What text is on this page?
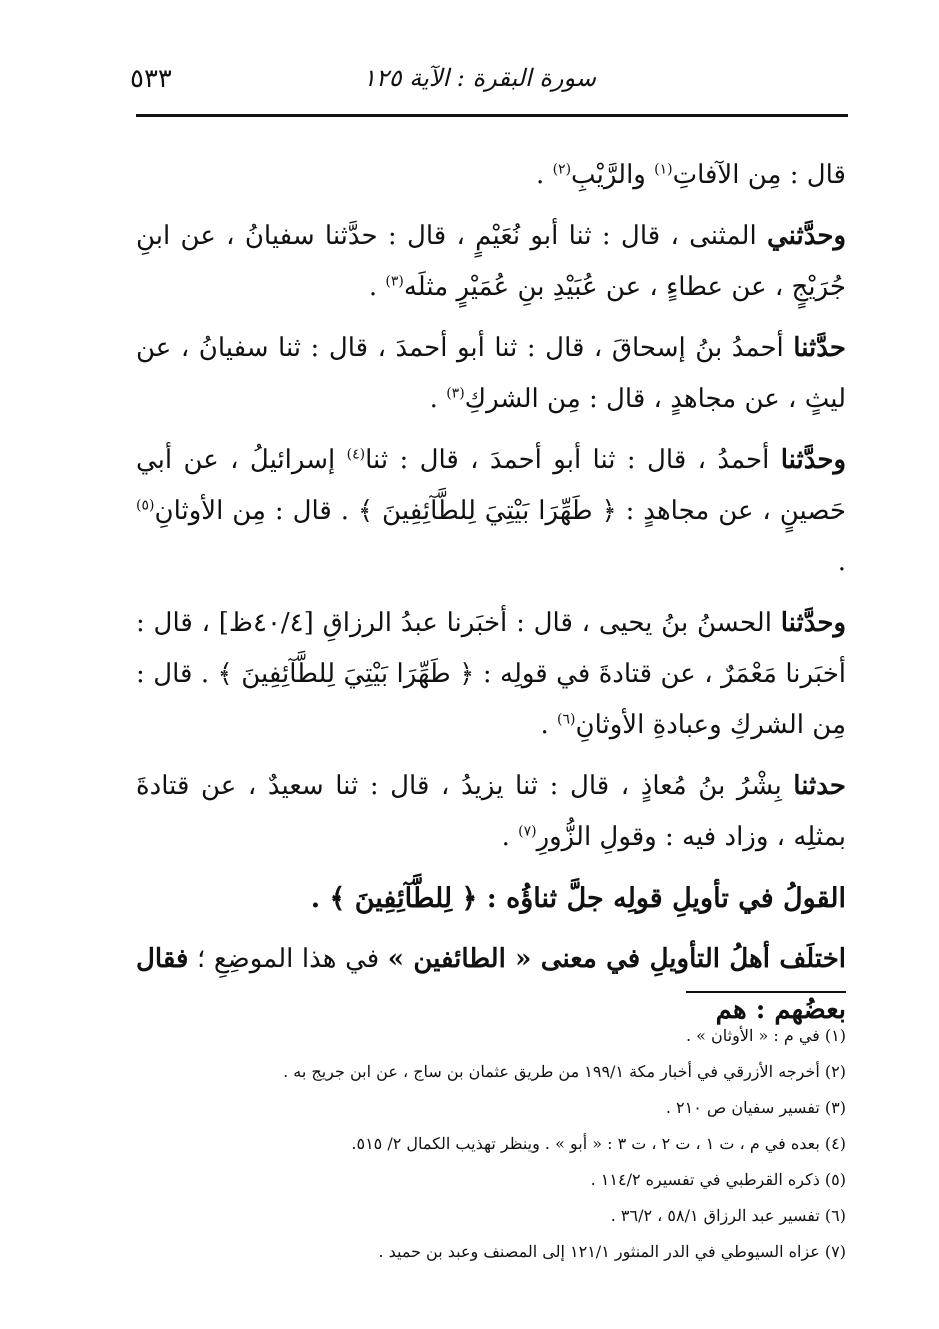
سورة البقرة : الآية ١٢٥
٥٣٣

قال : مِن الآفاتِ$^{(١)}$ والرَّيْبِ$^{(٢)}$ .

وحدَّثني المثنى ، قال : ثنا أبو نُعَيْمٍ ، قال : حدَّثنا سفيانُ ، عن ابنِ جُرَيْجٍ ، عن عطاءٍ ، عن عُبَيْدِ بنِ عُمَيْرٍ مثلَه$^{(٣)}$ .

حدَّثنا أحمدُ بنُ إسحاقَ ، قال : ثنا أبو أحمدَ ، قال : ثنا سفيانُ ، عن ليثٍ ، عن مجاهدٍ ، قال : مِن الشركِ$^{(٣)}$ .

وحدَّثنا أحمدُ ، قال : ثنا أبو أحمدَ ، قال : ثنا$^{(٤)}$ إسرائيلُ ، عن أبي حَصينٍ ، عن مجاهدٍ : ﴿ طَهِّرَا بَيْتِيَ لِلطَّآئِفِينَ ﴾ . قال : مِن الأوثانِ$^{(٥)}$ .

وحدَّثنا الحسنُ بنُ يحيى ، قال : أخبَرنا عبدُ الرزاقِ [٤٠/٤ظ] ، قال : أخبَرنا مَعْمَرٌ ، عن قتادةَ في قولِه : ﴿ طَهِّرَا بَيْتِيَ لِلطَّآئِفِينَ ﴾ . قال : مِن الشركِ وعبادةِ الأوثانِ$^{(٦)}$ .

حدثنا بِشْرُ بنُ مُعاذٍ ، قال : ثنا يزيدُ ، قال : ثنا سعيدٌ ، عن قتادةَ بمثلِه ، وزاد فيه : وقولِ الزُّورِ$^{(٧)}$ .

القولُ في تأويلِ قولِه جلَّ ثناؤُه : ﴿ لِلطَّآئِفِينَ ﴾ .

اختلَف أهلُ التأويلِ في معنى « الطائفين » في هذا الموضِعِ ؛ فقال بعضُهم : هم

(١) في م : « الأوثان » .
(٢) أخرجه الأزرقي في أخبار مكة ١٩٩/١ من طريق عثمان بن ساج ، عن ابن جريج به .
(٣) تفسير سفيان ص ٢١٠ .
(٤) بعده في م ، ت ١ ، ت ٢ ، ت ٣ : « أبو » . وينظر تهذيب الكمال ٢/ ٥١٥.
(٥) ذكره القرطبي في تفسيره ١١٤/٢ .
(٦) تفسير عبد الرزاق ٥٨/١ ، ٣٦/٢ .
(٧) عزاه السيوطي في الدر المنثور ١٢١/١ إلى المصنف وعبد بن حميد .
